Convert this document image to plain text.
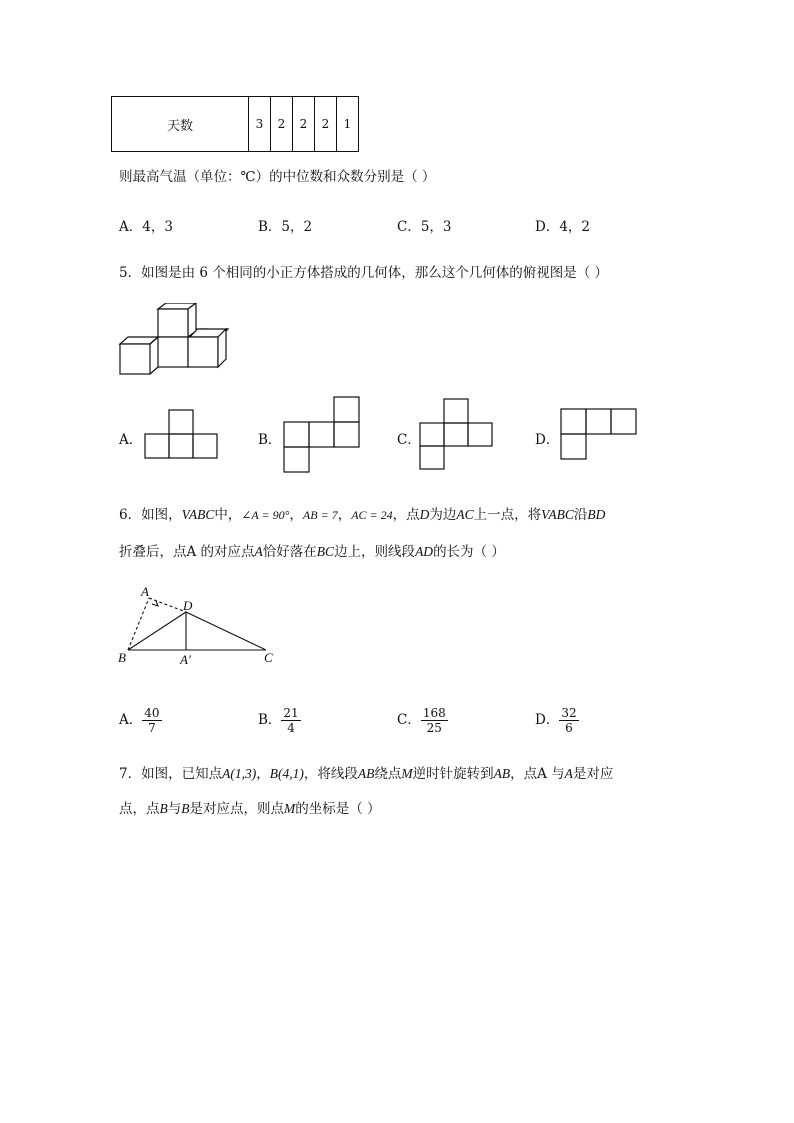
天数	3	2	2	2	1
则最高气温（单位：℃）的中位数和众数分别是（ ）
A．4，3	B．5，2	C．5，3	D．4，2
5．如图是由 6 个相同的小正方体搭成的几何体，那么这个几何体的俯视图是（ ）
A．	B．	C．	D．
6．如图，VABC中，∠A = 90°，AB = 7，AC = 24，点D为边AC上一点，将VABC沿BD
折叠后，点A 的对应点A恰好落在BC边上，则线段AD的长为（ ）
A
D
B	A′	C
A． $\frac{40}{7}$	B． $\frac{21}{4}$	C． $\frac{168}{25}$	D． $\frac{32}{6}$
7．如图，已知点A(1,3)，B(4,1)，将线段AB绕点M逆时针旋转到AB，点A 与A是对应
点，点B与B是对应点，则点M的坐标是（ ）
